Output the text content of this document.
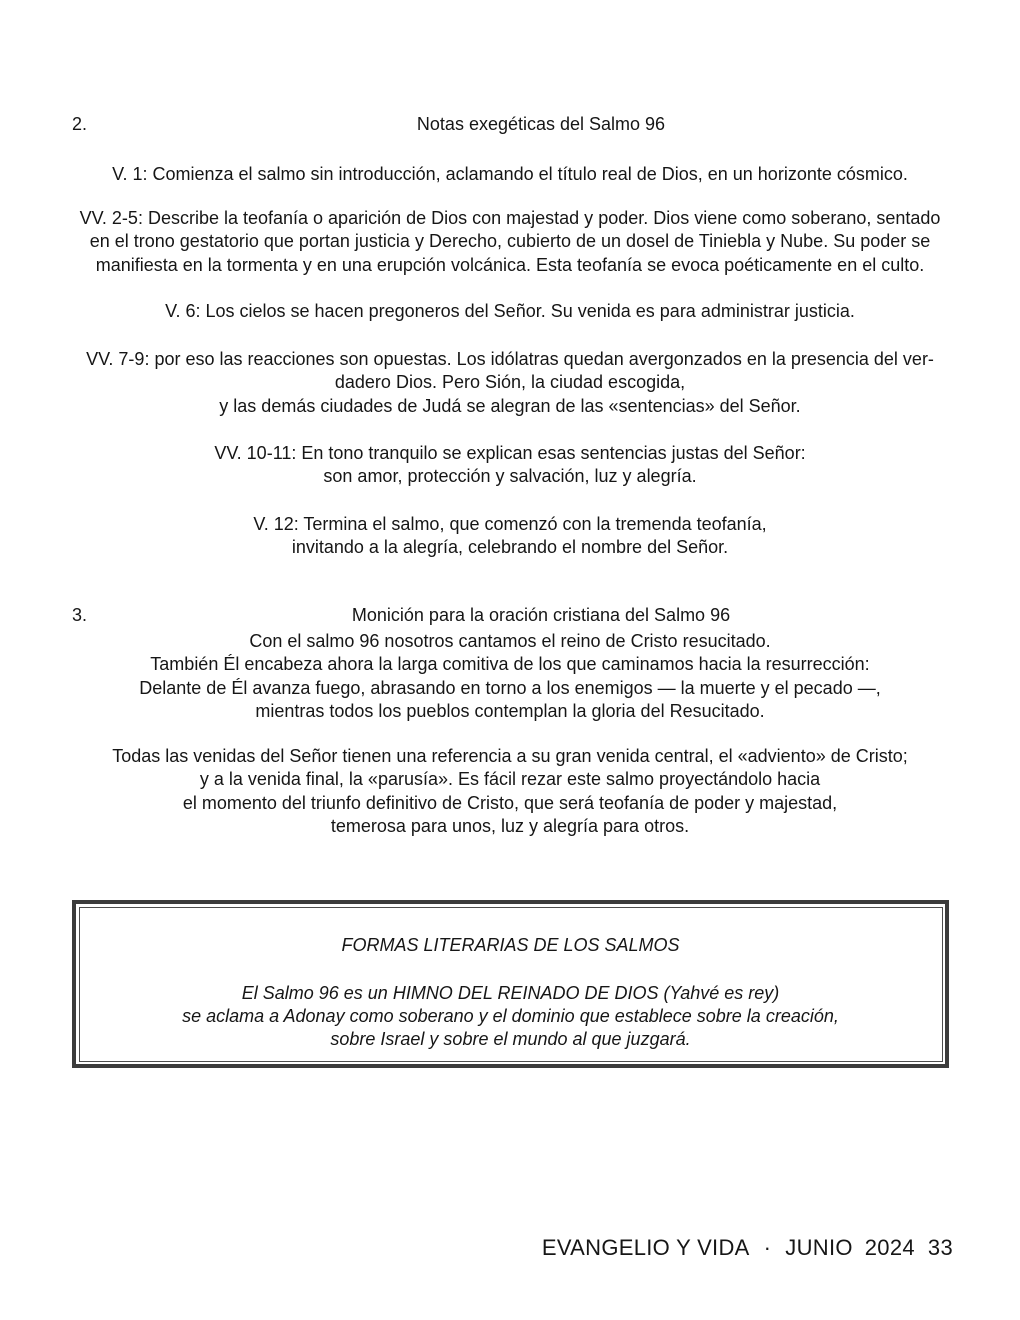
2.	Notas exegéticas del Salmo 96
V. 1: Comienza el salmo sin introducción, aclamando el título real de Dios, en un horizonte cósmico.
VV. 2-5: Describe la teofanía o aparición de Dios con majestad y poder. Dios viene como soberano, sentado
en el trono gestatorio que portan justicia y Derecho, cubierto de un dosel de Tiniebla y Nube. Su poder se
manifiesta en la tormenta y en una erupción volcánica. Esta teofanía se evoca poéticamente en el culto.
V. 6: Los cielos se hacen pregoneros del Señor. Su venida es para administrar justicia.
VV. 7-9: por eso las reacciones son opuestas. Los idólatras quedan avergonzados en la presencia del ver-
dadero Dios. Pero Sión, la ciudad escogida,
y las demás ciudades de Judá se alegran de las «sentencias» del Señor.
VV. 10-11: En tono tranquilo se explican esas sentencias justas del Señor:
son amor, protección y salvación, luz y alegría.
V. 12: Termina el salmo, que comenzó con la tremenda teofanía,
invitando a la alegría, celebrando el nombre del Señor.
3.	Monición para la oración cristiana del Salmo 96
Con el salmo 96 nosotros cantamos el reino de Cristo resucitado.
También Él encabeza ahora la larga comitiva de los que caminamos hacia la resurrección:
Delante de Él avanza fuego, abrasando en torno a los enemigos — la muerte y el pecado —,
mientras todos los pueblos contemplan la gloria del Resucitado.
Todas las venidas del Señor tienen una referencia a su gran venida central, el «adviento» de Cristo;
y a la venida final, la «parusía». Es fácil rezar este salmo proyectándolo hacia
el momento del triunfo definitivo de Cristo, que será teofanía de poder y majestad,
temerosa para unos, luz y alegría para otros.
FORMAS LITERARIAS DE LOS SALMOS
El Salmo 96 es un HIMNO DEL REINADO DE DIOS (Yahvé es rey)
se aclama a Adonay como soberano y el dominio que establece sobre la creación,
sobre Israel y sobre el mundo al que juzgará.
EVANGELIO Y VIDA · JUNIO 2024 33
